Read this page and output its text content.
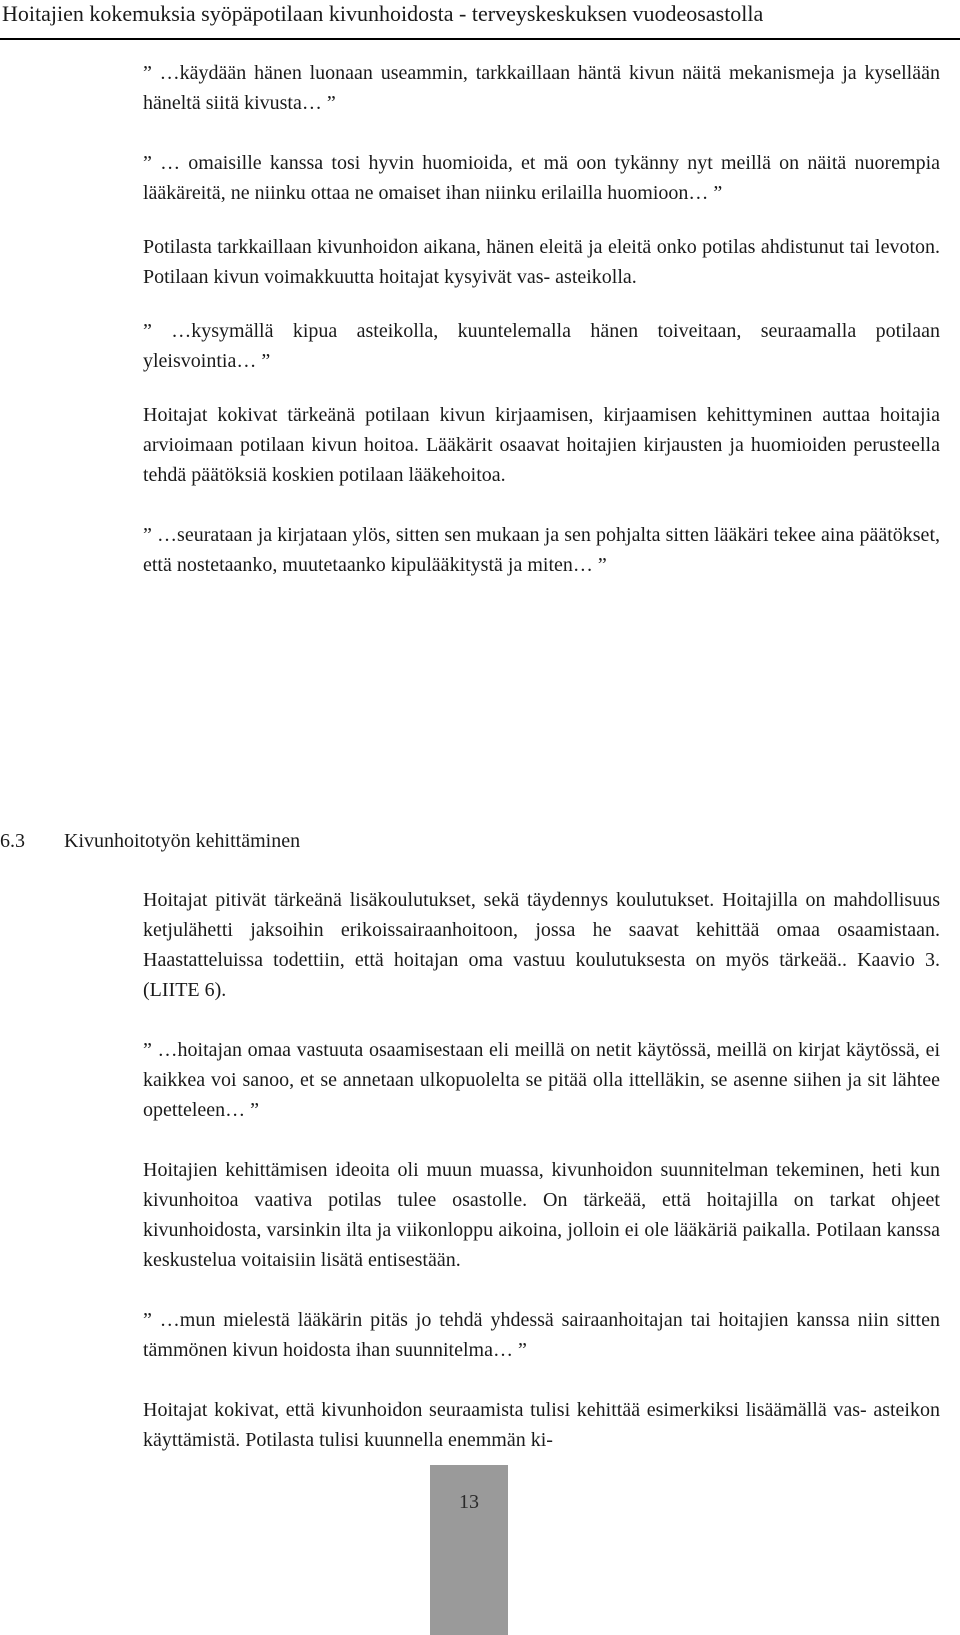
Hoitajien kokemuksia syöpäpotilaan kivunhoidosta - terveyskeskuksen vuodeosastolla

” …käydään hänen luonaan useammin, tarkkaillaan häntä kivun näitä mekanismeja ja kysellään häneltä siitä kivusta… ”

” … omaisille kanssa tosi hyvin huomioida, et mä oon tykänny nyt meillä on näitä nuorempia lääkäreitä, ne niinku ottaa ne omaiset ihan niinku erilailla huomioon… ”

Potilasta tarkkaillaan kivunhoidon aikana, hänen eleitä ja eleitä onko potilas ahdistunut tai levoton. Potilaan kivun voimakkuutta hoitajat kysyivät vas- asteikolla.

” …kysymällä kipua asteikolla, kuuntelemalla hänen toiveitaan, seuraamalla potilaan yleisvointia… ”

Hoitajat kokivat tärkeänä potilaan kivun kirjaamisen, kirjaamisen kehittyminen auttaa hoitajia arvioimaan potilaan kivun hoitoa. Lääkärit osaavat hoitajien kirjausten ja huomioiden perusteella tehdä päätöksiä koskien potilaan lääkehoitoa.

” …seurataan ja kirjataan ylös, sitten sen mukaan ja sen pohjalta sitten lääkäri tekee aina päätökset, että nostetaanko, muutetaanko kipulääkitystä ja miten… ”

6.3 Kivunhoitotyön kehittäminen

Hoitajat pitivät tärkeänä lisäkoulutukset, sekä täydennys koulutukset. Hoitajilla on mahdollisuus ketjulähetti jaksoihin erikoissairaanhoitoon, jossa he saavat kehittää omaa osaamistaan. Haastatteluissa todettiin, että hoitajan oma vastuu koulutuksesta on myös tärkeää.. Kaavio 3. (LIITE 6).

” …hoitajan omaa vastuuta osaamisestaan eli meillä on netit käytössä, meillä on kirjat käytössä, ei kaikkea voi sanoo, et se annetaan ulkopuolelta se pitää olla ittelläkin, se asenne siihen ja sit lähtee opetteleen… ”

Hoitajien kehittämisen ideoita oli muun muassa, kivunhoidon suunnitelman tekeminen, heti kun kivunhoitoa vaativa potilas tulee osastolle. On tärkeää, että hoitajilla on tarkat ohjeet kivunhoidosta, varsinkin ilta ja viikonloppu aikoina, jolloin ei ole lääkäriä paikalla. Potilaan kanssa keskustelua voitaisiin lisätä entisestään.

” …mun mielestä lääkärin pitäs jo tehdä yhdessä sairaanhoitajan tai hoitajien kanssa niin sitten tämmönen kivun hoidosta ihan suunnitelma… ”

Hoitajat kokivat, että kivunhoidon seuraamista tulisi kehittää esimerkiksi lisäämällä vas- asteikon käyttämistä. Potilasta tulisi kuunnella enemmän ki-

13
